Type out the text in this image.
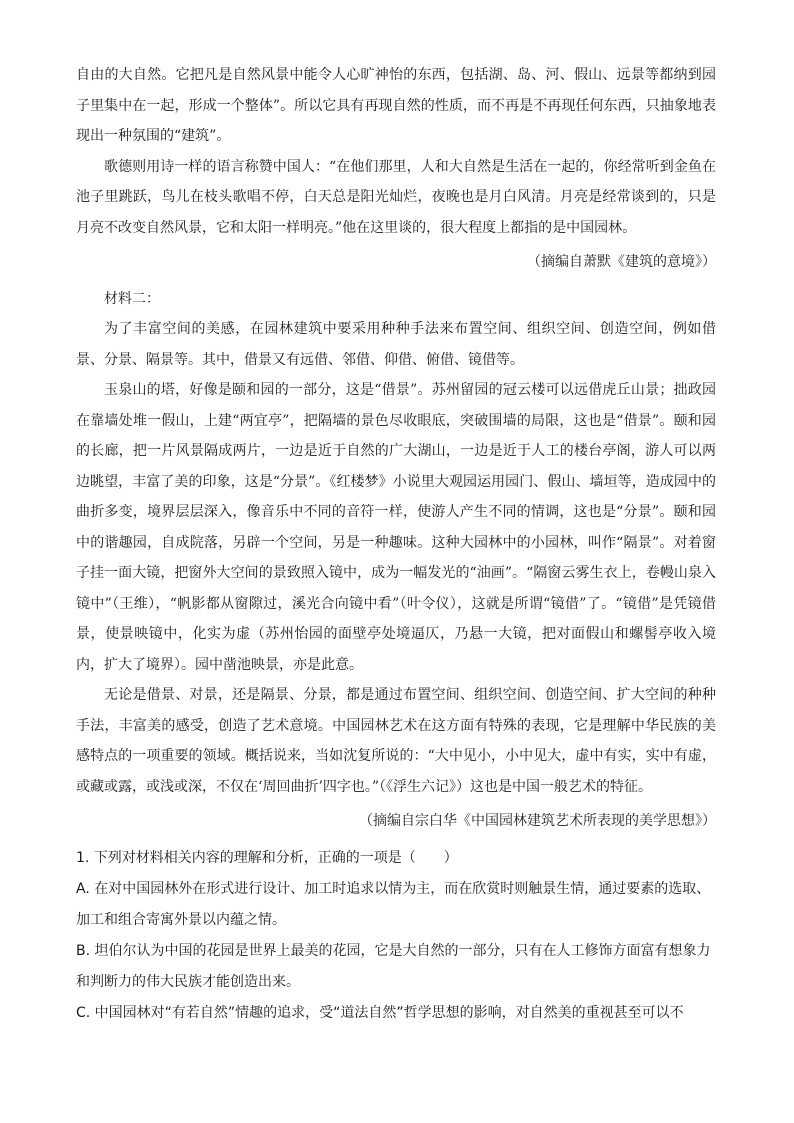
自由的大自然。它把凡是自然风景中能令人心旷神怡的东西，包括湖、岛、河、假山、远景等都纳到园子里集中在一起，形成一个整体”。所以它具有再现自然的性质，而不再是不再现任何东西，只抽象地表现出一种氛围的“建筑”。

歌德则用诗一样的语言称赞中国人：“在他们那里，人和大自然是生活在一起的，你经常听到金鱼在池子里跳跃，鸟儿在枝头歌唱不停，白天总是阳光灿烂，夜晚也是月白风清。月亮是经常谈到的，只是月亮不改变自然风景，它和太阳一样明亮。”他在这里谈的，很大程度上都指的是中国园林。

（摘编自萧默《建筑的意境》）

材料二：

为了丰富空间的美感，在园林建筑中要采用种种手法来布置空间、组织空间、创造空间，例如借景、分景、隔景等。其中，借景又有远借、邻借、仰借、俯借、镜借等。

玉泉山的塔，好像是颐和园的一部分，这是“借景”。苏州留园的冠云楼可以远借虎丘山景；拙政园在靠墙处堆一假山，上建“两宜亭”，把隔墙的景色尽收眼底，突破围墙的局限，这也是“借景”。颐和园的长廊，把一片风景隔成两片，一边是近于自然的广大湖山，一边是近于人工的楼台亭阁，游人可以两边眺望，丰富了美的印象，这是“分景”。《红楼梦》小说里大观园运用园门、假山、墙垣等，造成园中的曲折多变，境界层层深入，像音乐中不同的音符一样，使游人产生不同的情调，这也是“分景”。颐和园中的谐趣园，自成院落，另辟一个空间，另是一种趣味。这种大园林中的小园林，叫作“隔景”。对着窗子挂一面大镜，把窗外大空间的景致照入镜中，成为一幅发光的“油画”。“隔窗云雾生衣上，卷幔山泉入镜中”（王维），“帆影都从窗隙过，溪光合向镜中看”（叶令仪），这就是所谓“镜借”了。“镜借”是凭镜借景，使景映镜中，化实为虚（苏州怡园的面壁亭处境逼仄，乃悬一大镜，把对面假山和螺髻亭收入境内，扩大了境界）。园中凿池映景，亦是此意。

无论是借景、对景，还是隔景、分景，都是通过布置空间、组织空间、创造空间、扩大空间的种种手法，丰富美的感受，创造了艺术意境。中国园林艺术在这方面有特殊的表现，它是理解中华民族的美感特点的一项重要的领域。概括说来，当如沈复所说的：“大中见小，小中见大，虚中有实，实中有虚，或藏或露，或浅或深，不仅在‘周回曲折’四字也。”（《浮生六记》）这也是中国一般艺术的特征。

（摘编自宗白华《中国园林建筑艺术所表现的美学思想》）

1. 下列对材料相关内容的理解和分析，正确的一项是（　　）

A. 在对中国园林外在形式进行设计、加工时追求以情为主，而在欣赏时则触景生情，通过要素的选取、加工和组合寄寓外景以内蕴之情。

B. 坦伯尔认为中国的花园是世界上最美的花园，它是大自然的一部分，只有在人工修饰方面富有想象力和判断力的伟大民族才能创造出来。

C. 中国园林对“有若自然”情趣的追求，受“道法自然”哲学思想的影响，对自然美的重视甚至可以不
